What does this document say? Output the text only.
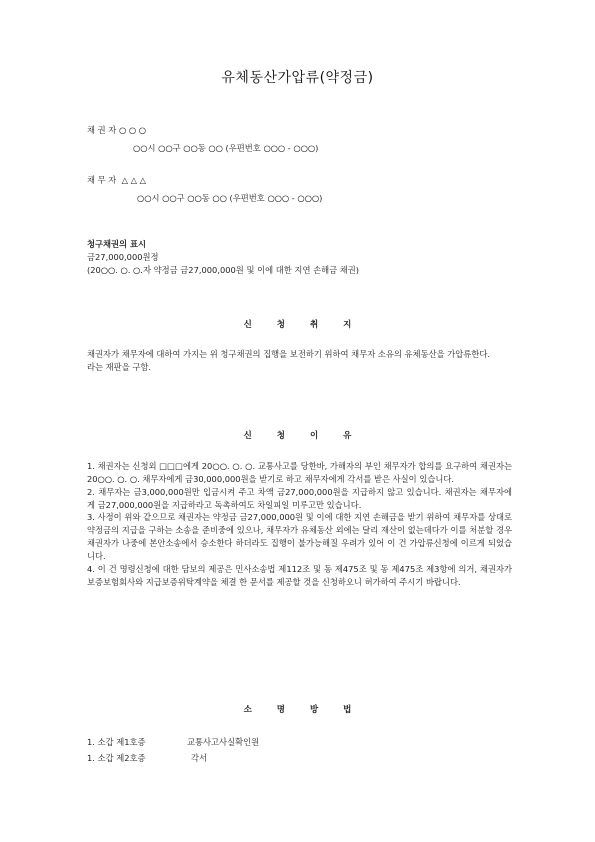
유체동산가압류(약정금)
채 권 자 ○ ○ ○
○○시 ○○구 ○○동 ○○ (우편번호 ○○○ - ○○○)
채 무 자 △ △ △
○○시 ○○구 ○○동 ○○ (우편번호 ○○○ - ○○○)
청구채권의 표시
금27,000,000원정
(20○○. ○. ○.자 약정금 금27,000,000원 및 이에 대한 지연 손해금 채권)
신 청 취 지

채권자가 채무자에 대하여 가지는 위 청구채권의 집행을 보전하기 위하여 채무자 소유의 유체동산을 가압류한다.

라는 재판을 구함.

신 청 이 유

1. 채권자는 신청외 □□□에게 20○○. ○. ○. 교통사고를 당한바, 가해자의 부인 채무자가 합의를 요구하여 채권자는 20○○. ○. ○. 채무자에게 금30,000,000원을 받기로 하고 채무자에게 각서를 받은 사실이 있습니다.

2. 채무자는 금3,000,000원만 입금시켜 주고 차액 금27,000,000원을 지급하지 않고 있습니다. 채권자는 채무자에게 금27,000,000원을 지급하라고 독촉하여도 차일피일 미루고만 있습니다.

3. 사정이 위와 같으므로 채권자는 약정금 금27,000,000원 및 이에 대한 지연 손해금을 받기 위하여 채무자를 상대로 약정금의 지급을 구하는 소송을 준비중에 있으나, 채무자가 유체동산 외에는 달리 재산이 없는데다가 이를 처분할 경우 채권자가 나중에 본안소송에서 승소한다 하더라도 집행이 불가능해질 우려가 있어 이 건 가압류신청에 이르게 되었습니다.

4. 이 건 명령신청에 대한 담보의 제공은 민사소송법 제112조 및 동 제475조 및 동 제475조 제3항에 의거, 채권자가 보증보험회사와 지급보증위탁계약을 체결 한 문서를 제공할 것을 신청하오니 허가하여 주시기 바랍니다.

소 명 방 법
1. 소갑 제1호증	교통사고사실확인원
1. 소갑 제2호증	각서
